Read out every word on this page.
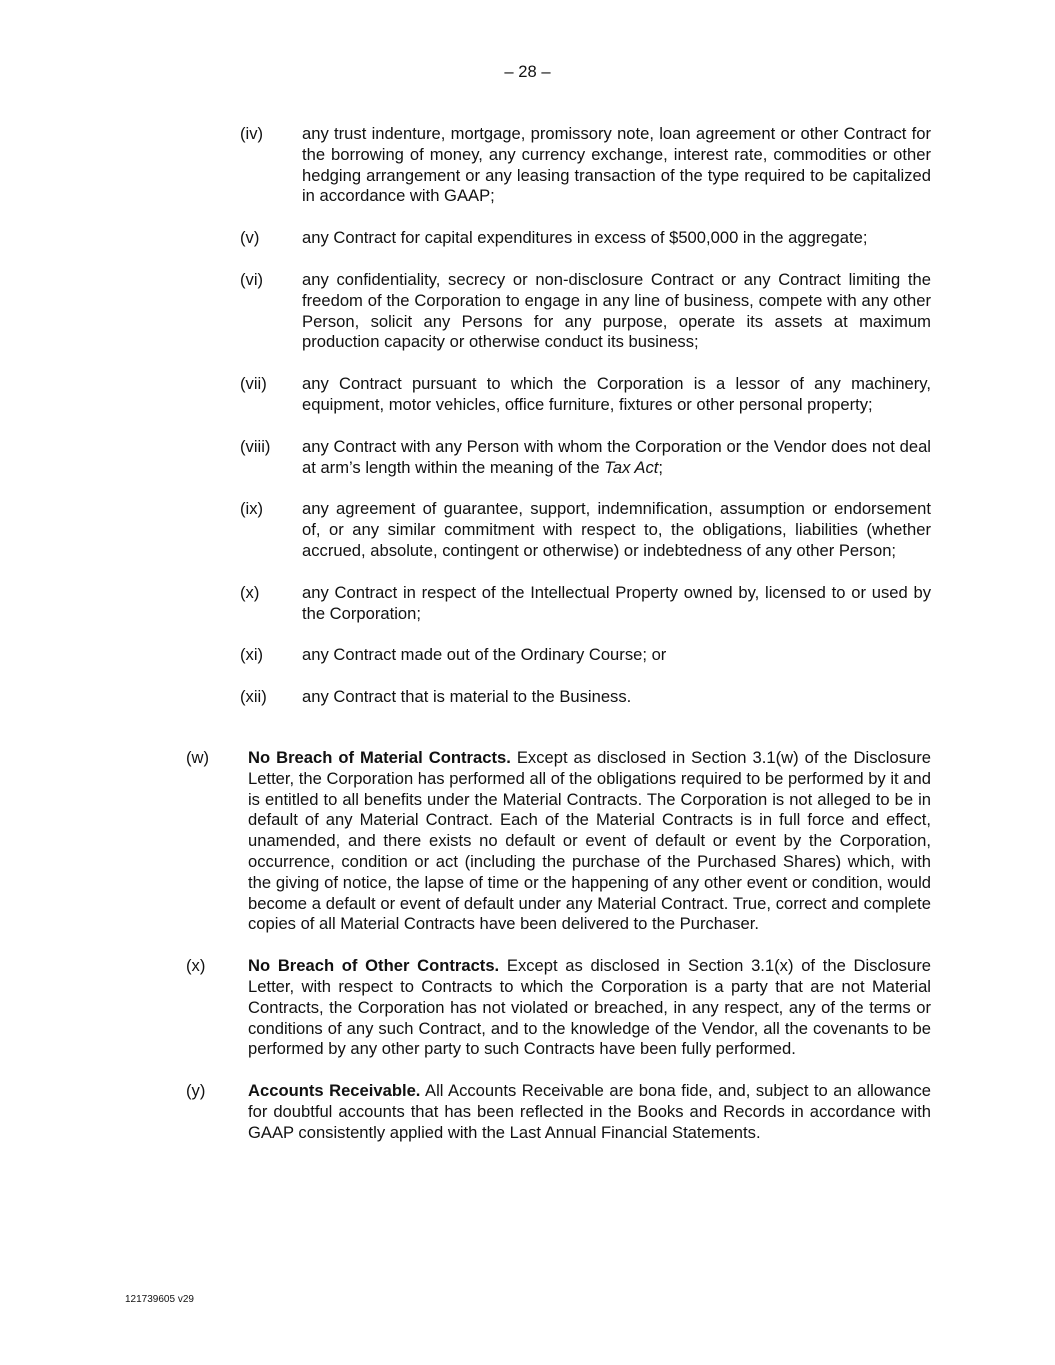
– 28 –
(iv)	any trust indenture, mortgage, promissory note, loan agreement or other Contract for the borrowing of money, any currency exchange, interest rate, commodities or other hedging arrangement or any leasing transaction of the type required to be capitalized in accordance with GAAP;
(v)	any Contract for capital expenditures in excess of $500,000 in the aggregate;
(vi)	any confidentiality, secrecy or non-disclosure Contract or any Contract limiting the freedom of the Corporation to engage in any line of business, compete with any other Person, solicit any Persons for any purpose, operate its assets at maximum production capacity or otherwise conduct its business;
(vii)	any Contract pursuant to which the Corporation is a lessor of any machinery, equipment, motor vehicles, office furniture, fixtures or other personal property;
(viii)	any Contract with any Person with whom the Corporation or the Vendor does not deal at arm’s length within the meaning of the Tax Act;
(ix)	any agreement of guarantee, support, indemnification, assumption or endorsement of, or any similar commitment with respect to, the obligations, liabilities (whether accrued, absolute, contingent or otherwise) or indebtedness of any other Person;
(x)	any Contract in respect of the Intellectual Property owned by, licensed to or used by the Corporation;
(xi)	any Contract made out of the Ordinary Course; or
(xii)	any Contract that is material to the Business.
(w)	No Breach of Material Contracts. Except as disclosed in Section 3.1(w) of the Disclosure Letter, the Corporation has performed all of the obligations required to be performed by it and is entitled to all benefits under the Material Contracts. The Corporation is not alleged to be in default of any Material Contract. Each of the Material Contracts is in full force and effect, unamended, and there exists no default or event of default or event by the Corporation, occurrence, condition or act (including the purchase of the Purchased Shares) which, with the giving of notice, the lapse of time or the happening of any other event or condition, would become a default or event of default under any Material Contract. True, correct and complete copies of all Material Contracts have been delivered to the Purchaser.
(x)	No Breach of Other Contracts. Except as disclosed in Section 3.1(x) of the Disclosure Letter, with respect to Contracts to which the Corporation is a party that are not Material Contracts, the Corporation has not violated or breached, in any respect, any of the terms or conditions of any such Contract, and to the knowledge of the Vendor, all the covenants to be performed by any other party to such Contracts have been fully performed.
(y)	Accounts Receivable. All Accounts Receivable are bona fide, and, subject to an allowance for doubtful accounts that has been reflected in the Books and Records in accordance with GAAP consistently applied with the Last Annual Financial Statements.
121739605 v29
